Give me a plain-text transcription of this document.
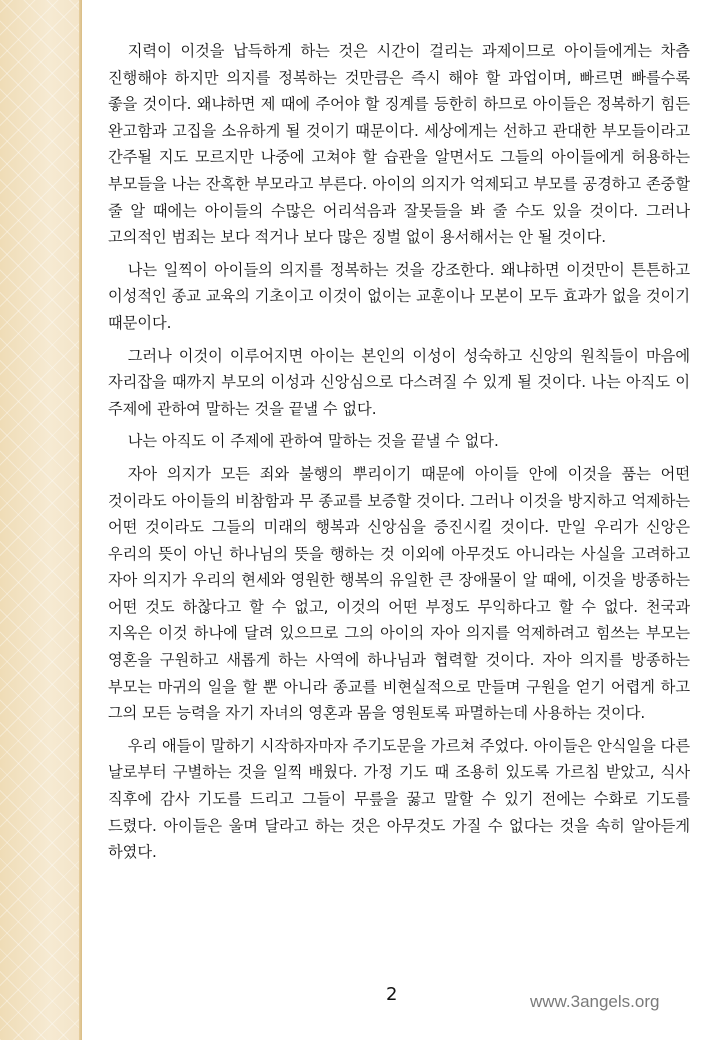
지력이 이것을 납득하게 하는 것은 시간이 걸리는 과제이므로 아이들에게는 차츰 진행해야 하지만 의지를 정복하는 것만큼은 즉시 해야 할 과업이며, 빠르면 빠를수록 좋을 것이다. 왜냐하면 제 때에 주어야 할 징계를 등한히 하므로 아이들은 정복하기 힘든 완고함과 고집을 소유하게 될 것이기 때문이다. 세상에게는 선하고 관대한 부모들이라고 간주될 지도 모르지만 나중에 고쳐야 할 습관을 알면서도 그들의 아이들에게 허용하는 부모들을 나는 잔혹한 부모라고 부른다. 아이의 의지가 억제되고 부모를 공경하고 존중할 줄 알 때에는 아이들의 수많은 어리석음과 잘못들을 봐 줄 수도 있을 것이다. 그러나 고의적인 범죄는 보다 적거나 보다 많은 징벌 없이 용서해서는 안 될 것이다.

나는 일찍이 아이들의 의지를 정복하는 것을 강조한다. 왜냐하면 이것만이 튼튼하고 이성적인 종교 교육의 기초이고 이것이 없이는 교훈이나 모본이 모두 효과가 없을 것이기 때문이다.

그러나 이것이 이루어지면 아이는 본인의 이성이 성숙하고 신앙의 원칙들이 마음에 자리잡을 때까지 부모의 이성과 신앙심으로 다스려질 수 있게 될 것이다. 나는 아직도 이 주제에 관하여 말하는 것을 끝낼 수 없다.

나는 아직도 이 주제에 관하여 말하는 것을 끝낼 수 없다.

자아 의지가 모든 죄와 불행의 뿌리이기 때문에 아이들 안에 이것을 품는 어떤 것이라도 아이들의 비참함과 무 종교를 보증할 것이다. 그러나 이것을 방지하고 억제하는 어떤 것이라도 그들의 미래의 행복과 신앙심을 증진시킬 것이다. 만일 우리가 신앙은 우리의 뜻이 아닌 하나님의 뜻을 행하는 것 이외에 아무것도 아니라는 사실을 고려하고 자아 의지가 우리의 현세와 영원한 행복의 유일한 큰 장애물이 알 때에, 이것을 방종하는 어떤 것도 하찮다고 할 수 없고, 이것의 어떤 부정도 무익하다고 할 수 없다. 천국과 지옥은 이것 하나에 달려 있으므로 그의 아이의 자아 의지를 억제하려고 힘쓰는 부모는 영혼을 구원하고 새롭게 하는 사역에 하나님과 협력할 것이다. 자아 의지를 방종하는 부모는 마귀의 일을 할 뿐 아니라 종교를 비현실적으로 만들며 구원을 얻기 어렵게 하고 그의 모든 능력을 자기 자녀의 영혼과 몸을 영원토록 파멸하는데 사용하는 것이다.

우리 애들이 말하기 시작하자마자 주기도문을 가르쳐 주었다. 아이들은 안식일을 다른 날로부터 구별하는 것을 일찍 배웠다. 가정 기도 때 조용히 있도록 가르침 받았고, 식사 직후에 감사 기도를 드리고 그들이 무릎을 꿇고 말할 수 있기 전에는 수화로 기도를 드렸다. 아이들은 울며 달라고 하는 것은 아무것도 가질 수 없다는 것을 속히 알아듣게 하였다.

2	www.3angels.org
